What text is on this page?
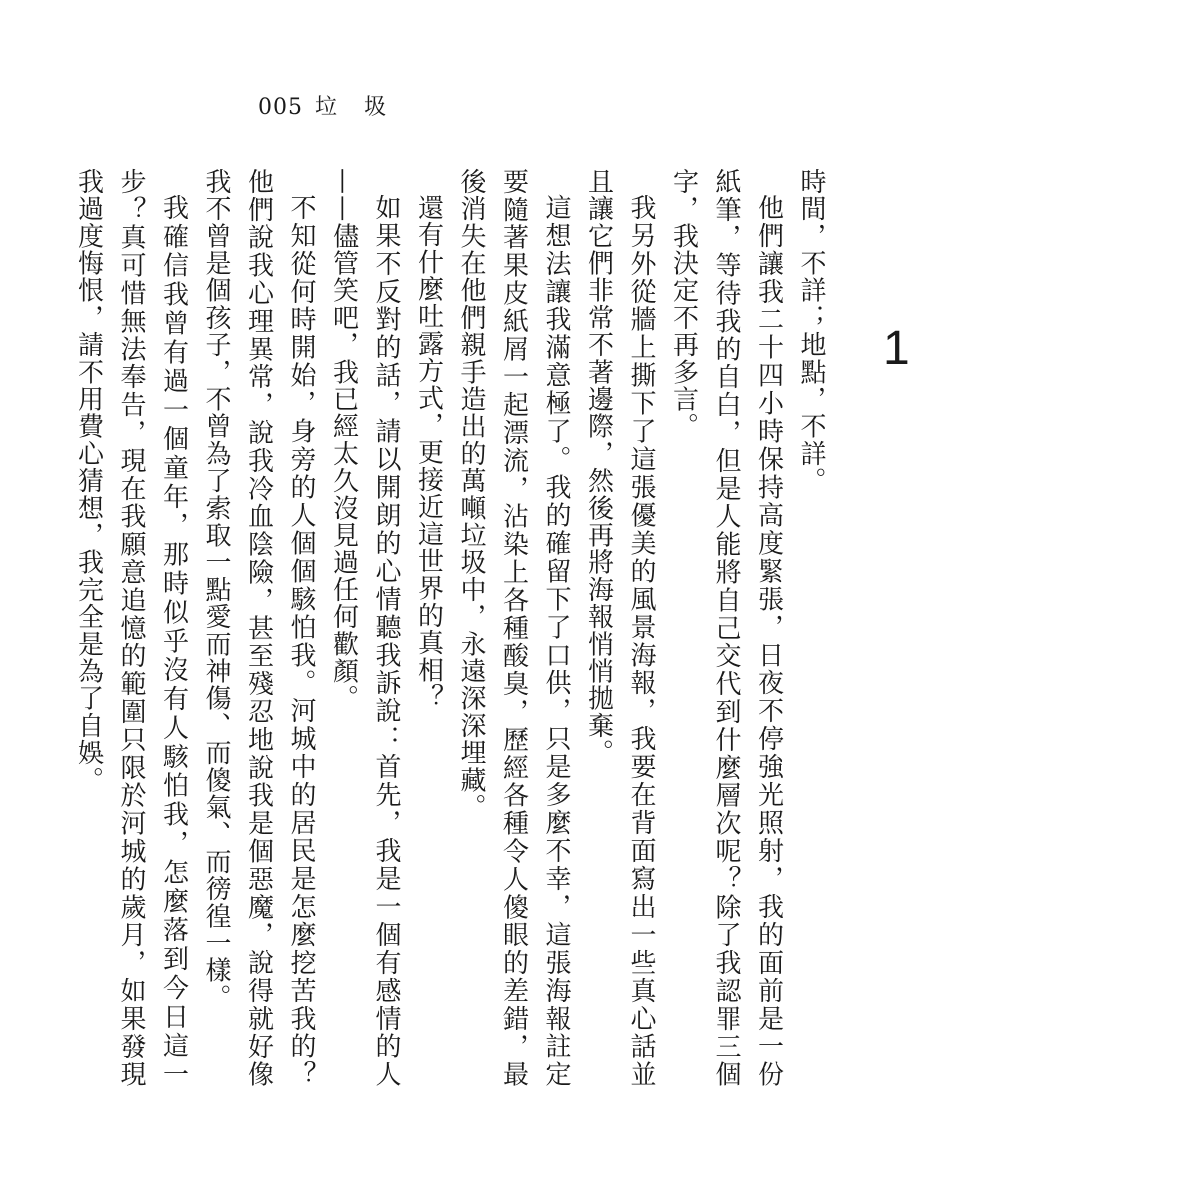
005 垃 圾
1

時間，不詳；地點，不詳。

他們讓我二十四小時保持高度緊張，日夜不停強光照射，我的面前是一份紙筆，等待我的自白，但是人能將自己交代到什麼層次呢？除了我認罪三個字，我決定不再多言。

我另外從牆上撕下了這張優美的風景海報，我要在背面寫出一些真心話並且讓它們非常不著邊際，然後再將海報悄悄拋棄。

這想法讓我滿意極了。我的確留下了口供，只是多麼不幸，這張海報註定要隨著果皮紙屑一起漂流，沾染上各種酸臭，歷經各種令人傻眼的差錯，最後消失在他們親手造出的萬噸垃圾中，永遠深深埋藏。

還有什麼吐露方式，更接近這世界的真相？

如果不反對的話，請以開朗的心情聽我訴說：首先，我是一個有感情的人——儘管笑吧，我已經太久沒見過任何歡顏。

不知從何時開始，身旁的人個個駭怕我。河城中的居民是怎麼挖苦我的？他們說我心理異常，說我冷血陰險，甚至殘忍地說我是個惡魔，說得就好像我不曾是個孩子，不曾為了索取一點愛而神傷、而傻氣、而徬徨一樣。

我確信我曾有過一個童年，那時似乎沒有人駭怕我，怎麼落到今日這一步？真可惜無法奉告，現在我願意追憶的範圍只限於河城的歲月，如果發現我過度悔恨，請不用費心猜想，我完全是為了自娛。
